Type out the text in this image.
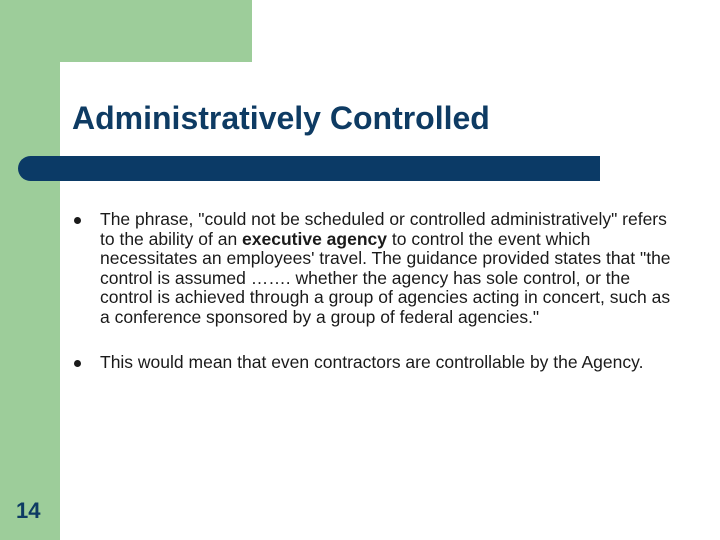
Administratively Controlled
The phrase, "could not be scheduled or controlled administratively" refers to the ability of an executive agency to control the event which necessitates an employees' travel. The guidance provided states that "the control is assumed ……. whether the agency has sole control, or the control is achieved through a group of agencies acting in concert, such as a conference sponsored by a group of federal agencies."
This would mean that even contractors are controllable by the Agency.
14
